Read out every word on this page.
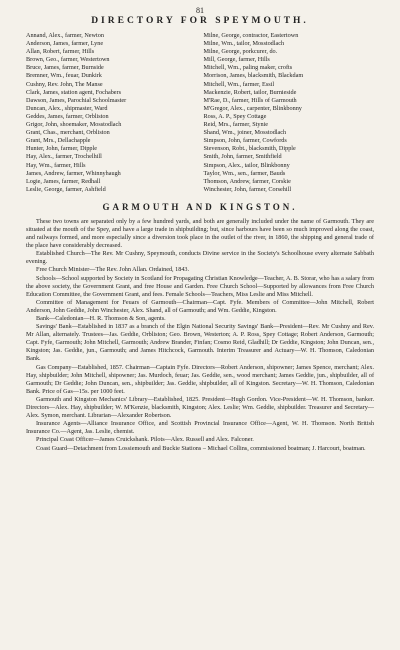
81
DIRECTORY FOR SPEYMOUTH.
Annand, Alex., farmer, Newton
Anderson, James, farmer, Lyne
Allan, Robert, farmer, Hills
Brown, Geo., farmer, Westertown
Bruce, James, farmer, Burnside
Bremner, Wm., feuar, Dunkirk
Cushny, Rev. John, The Manse
Clark, James, station agent, Fochabers
Dawson, James, Parochial Schoolmaster
Duncan, Alex., shipmaster, Ward
Geddes, James, farmer, Orbliston
Grigor, John, shoemaker, Mosstodlach
Grant, Chas., merchant, Orbliston
Grant, Mrs., Dellachapple
Hunter, John, farmer, Dipple
Hay, Alex., farmer, Trochelhill
Hay, Wm., farmer, Hills
James, Andrew, farmer, Whinnyhaugh
Logie, James, farmer, Redhall
Leslie, George, farmer, Ashfield
Milne, George, contractor, Eastertown
Milne, Wm., tailor, Mosstodlach
Milne, George, porkcurer, do.
Mill, George, farmer, Hills
Mitchell, Wm., paling maker, crofts
Morrison, James, blacksmith, Blackdam
Mitchell, Wm., farmer, Essil
Mackenzie, Robert, tailor, Burnieside
M'Rae, D., farmer, Hills of Garmouth
M'Gregor, Alex., carpenter, Blinkbonny
Ross, A. P., Spey Cottage
Reid, Mrs., farmer, Stynie
Shand, Wm., joiner, Mosstodlach
Simpson, John, farmer, Cowfords
Stevenson, Robt., blacksmith, Dipple
Smith, John, farmer, Smithfield
Simpson, Alex., tailor, Blinkbonny
Taylor, Wm., sen., farmer, Bauds
Thomson, Andrew, farmer, Corskie
Winchester, John, farmer, Corsehill
GARMOUTH AND KINGSTON.

These two towns are separated only by a few hundred yards, and both are generally included under the name of Garmouth. They are situated at the mouth of the Spey, and have a large trade in shipbuilding; but, since harbours have been so much improved along the coast, and railways formed, and more especially since a diversion took place in the outlet of the river, in 1860, the shipping and general trade of the place have considerably decreased.

Established Church—The Rev. Mr Cushny, Speymouth, conducts Divine service in the Society's Schoolhouse every alternate Sabbath evening.

Free Church Minister—The Rev. John Allan. Ordained, 1843.

Schools—School supported by Society in Scotland for Propagating Christian Knowledge—Teacher, A. B. Storar, who has a salary from the above society, the Government Grant, and free House and Garden. Free Church School—Supported by allowances from Free Church Education Committee, the Government Grant, and fees. Female Schools—Teachers, Miss Leslie and Miss Mitchell.

Committee of Management for Feuars of Garmouth—Chairman—Capt. Fyfe. Members of Committee—John Mitchell, Robert Anderson, John Geddie, John Winchester, Alex. Shand, all of Garmouth; and Wm. Geddie, Kingston.

Bank—Caledonian—H. R. Thomson & Son, agents.

Savings' Bank—Established in 1837 as a branch of the Elgin National Security Savings' Bank—President—Rev. Mr Cushny and Rev. Mr Allan, alternately. Trustees—Jas. Geddie, Orbliston; Geo. Brown, Westerton; A. P. Ross, Spey Cottage; Robert Anderson, Garmouth; Capt. Fyfe, Garmouth; John Mitchell, Garmouth; Andrew Brander, Finfan; Cosmo Reid, Gladhill; Dr Geddie, Kingston; John Duncan, sen., Kingston; Jas. Geddie, jun., Garmouth; and James Hitchcock, Garmouth. Interim Treasurer and Actuary—W. H. Thomson, Caledonian Bank.

Gas Company—Established, 1857. Chairman—Captain Fyfe. Directors—Robert Anderson, shipowner; James Spence, merchant; Alex. Hay, shipbuilder; John Mitchell, shipowner; Jas. Murdoch, feuar; Jas. Geddie, sen., wood merchant; James Geddie, jun., shipbuilder, all of Garmouth; Dr Geddie; John Duncan, sen., shipbuilder; Jas. Geddie, shipbuilder, all of Kingston. Secretary—W. H. Thomson, Caledonian Bank. Price of Gas—15s. per 1000 feet.

Garmouth and Kingston Mechanics' Library—Established, 1825. President—Hugh Gordon. Vice-President—W. H. Thomson, banker. Directors—Alex. Hay, shipbuilder; W. M'Kenzie, blacksmith, Kingston; Alex. Leslie; Wm. Geddie, shipbuilder. Treasurer and Secretary—Alex. Symon, merchant. Librarian—Alexander Robertson.

Insurance Agents—Alliance Insurance Office, and Scottish Provincial Insurance Office—Agent, W. H. Thomson. North British Insurance Co.—Agent, Jas. Leslie, chemist.

Principal Coast Officer—James Cruickshank. Pilots—Alex. Russell and Alex. Falconer.

Coast Guard—Detachment from Lossiemouth and Buckie Stations – Michael Collins, commissioned boatman; J. Harcourt, boatman.
